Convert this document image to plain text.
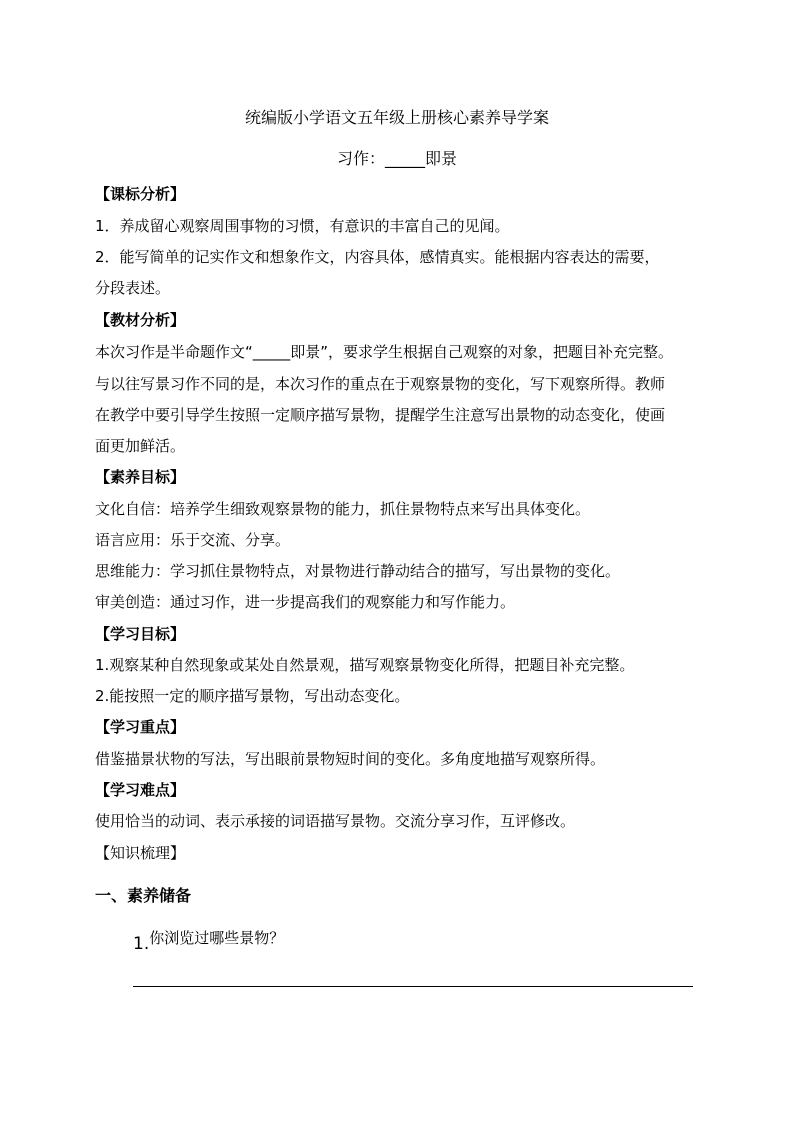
统编版小学语文五年级上册核心素养导学案
习作：_____即景
【课标分析】
1．养成留心观察周围事物的习惯，有意识的丰富自己的见闻。
2．能写简单的记实作文和想象作文，内容具体，感情真实。能根据内容表达的需要，
分段表述。
【教材分析】
本次习作是半命题作文“_____即景”，要求学生根据自己观察的对象，把题目补充完整。
与以往写景习作不同的是，本次习作的重点在于观察景物的变化，写下观察所得。教师
在教学中要引导学生按照一定顺序描写景物，提醒学生注意写出景物的动态变化，使画
面更加鲜活。
【素养目标】
文化自信：培养学生细致观察景物的能力，抓住景物特点来写出具体变化。
语言应用：乐于交流、分享。
思维能力：学习抓住景物特点，对景物进行静动结合的描写，写出景物的变化。
审美创造：通过习作，进一步提高我们的观察能力和写作能力。
【学习目标】
1.观察某种自然现象或某处自然景观，描写观察景物变化所得，把题目补充完整。
2.能按照一定的顺序描写景物，写出动态变化。
【学习重点】
借鉴描景状物的写法，写出眼前景物短时间的变化。多角度地描写观察所得。
【学习难点】
使用恰当的动词、表示承接的词语描写景物。交流分享习作，互评修改。
【知识梳理】
一、素养储备
1.你浏览过哪些景物？
